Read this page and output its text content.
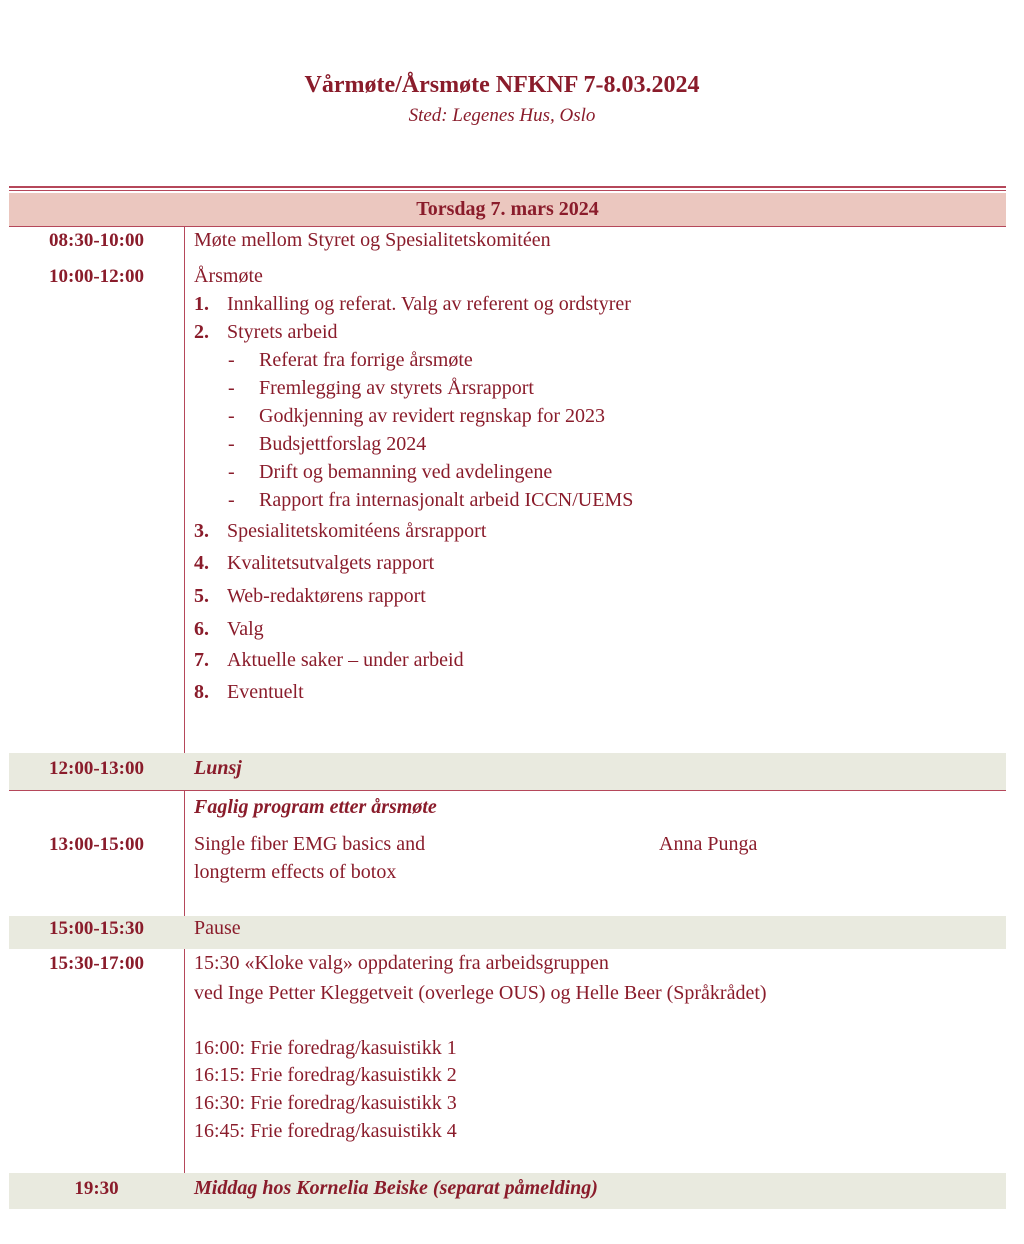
Vårmøte/Årsmøte NFKNF 7-8.03.2024
Sted: Legenes Hus, Oslo
Torsdag 7. mars 2024
08:30-10:00	Møte mellom Styret og Spesialitetskomitéen
10:00-12:00	Årsmøte
1. Innkalling og referat. Valg av referent og ordstyrer
2. Styrets arbeid
- Referat fra forrige årsmøte
- Fremlegging av styrets Årsrapport
- Godkjenning av revidert regnskap for 2023
- Budsjettforslag 2024
- Drift og bemanning ved avdelingene
- Rapport fra internasjonalt arbeid ICCN/UEMS
3. Spesialitetskomitéens årsrapport
4. Kvalitetsutvalgets rapport
5. Web-redaktørens rapport
6. Valg
7. Aktuelle saker – under arbeid
8. Eventuelt
12:00-13:00	Lunsj
Faglig program etter årsmøte
13:00-15:00	Single fiber EMG basics and
longterm effects of botox
Anna Punga
15:00-15:30	Pause
15:30-17:00	15:30 «Kloke valg» oppdatering fra arbeidsgruppen
ved Inge Petter Kleggetveit (overlege OUS) og Helle Beer (Språkrådet)
16:00: Frie foredrag/kasuistikk 1
16:15: Frie foredrag/kasuistikk 2
16:30: Frie foredrag/kasuistikk 3
16:45: Frie foredrag/kasuistikk 4
19:30	Middag hos Kornelia Beiske (separat påmelding)
